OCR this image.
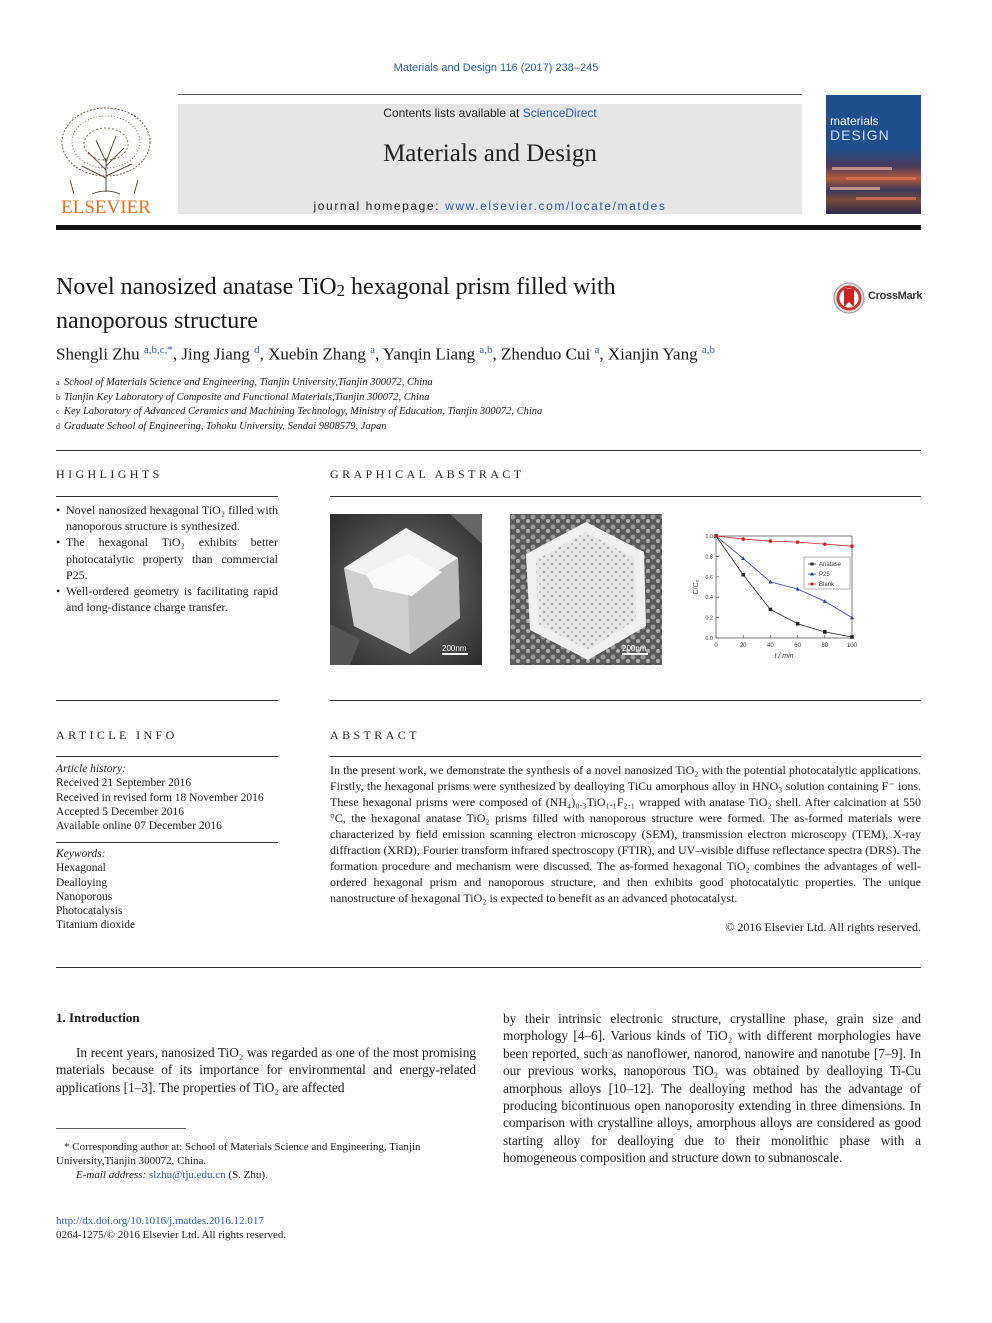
Materials and Design 116 (2017) 238–245
ELSEVIER
Contents lists available at ScienceDirect
Materials and Design
journal homepage: www.elsevier.com/locate/matdes
materials
DESIGN
Novel nanosized anatase TiO$_2$ hexagonal prism filled with
nanoporous structure
CrossMark
Shengli Zhu $^{a,b,c,*}$, Jing Jiang $^d$, Xuebin Zhang $^a$, Yanqin Liang $^{a,b}$, Zhenduo Cui $^a$, Xianjin Yang $^{a,b}$
a School of Materials Science and Engineering, Tianjin University,Tianjin 300072, China
b Tianjin Key Laboratory of Composite and Functional Materials,Tianjin 300072, China
c Key Laboratory of Advanced Ceramics and Machining Technology, Ministry of Education, Tianjin 300072, China
d Graduate School of Engineering, Tohoku University, Sendai 9808579, Japan
HIGHLIGHTS
• Novel nanosized hexagonal TiO₂ filled with nanoporous structure is synthesized.
• The hexagonal TiO₂ exhibits better photocatalytic property than commercial P25.
• Well-ordered geometry is facilitating rapid and long-distance charge transfer.
GRAPHICAL ABSTRACT
200nm	200nm	0	20	40	60	80	100
0.0
0.2
0.4
0.6
0.8
1.0
t / min
C/C₀
Anatase
P25
Blank
ARTICLE INFO
Article history:
Received 21 September 2016
Received in revised form 18 November 2016
Accepted 5 December 2016
Available online 07 December 2016
Keywords:
Hexagonal
Dealloying
Nanoporous
Photocatalysis
Titanium dioxide
ABSTRACT
In the present work, we demonstrate the synthesis of a novel nanosized TiO₂ with the potential photocatalytic applications. Firstly, the hexagonal prisms were synthesized by dealloying TiCu amorphous alloy in HNO₃ solution containing F⁻ ions. These hexagonal prisms were composed of (NH₄)₀.₃TiO₁.₁F₂.₁ wrapped with anatase TiO₂ shell. After calcination at 550 °C, the hexagonal anatase TiO₂ prisms filled with nanoporous structure were formed. The as-formed materials were characterized by field emission scanning electron microscopy (SEM), transmission electron microscopy (TEM), X-ray diffraction (XRD), Fourier transform infrared spectroscopy (FTIR), and UV–visible diffuse reflectance spectra (DRS). The formation procedure and mechanism were discussed. The as-formed hexagonal TiO₂ combines the advantages of well-ordered hexagonal prism and nanoporous structure, and then exhibits good photocatalytic properties. The unique nanostructure of hexagonal TiO₂ is expected to benefit as an advanced photocatalyst.
© 2016 Elsevier Ltd. All rights reserved.
1. Introduction
In recent years, nanosized TiO₂ was regarded as one of the most promising materials because of its importance for environmental and energy-related applications [1–3]. The properties of TiO₂ are affected
by their intrinsic electronic structure, crystalline phase, grain size and morphology [4–6]. Various kinds of TiO₂ with different morphologies have been reported, such as nanoflower, nanorod, nanowire and nanotube [7–9]. In our previous works, nanoporous TiO₂ was obtained by dealloying Ti-Cu amorphous alloys [10–12]. The dealloying method has the advantage of producing bicontinuous open nanoporosity extending in three dimensions. In comparison with crystalline alloys, amorphous alloys are considered as good starting alloy for dealloying due to their monolithic phase with a homogeneous composition and structure down to subnanoscale.
* Corresponding author at: School of Materials Science and Engineering, Tianjin University,Tianjin 300072, China.
E-mail address: slzhu@tju.edu.cn (S. Zhu).
http://dx.doi.org/10.1016/j.matdes.2016.12.017
0264-1275/© 2016 Elsevier Ltd. All rights reserved.
